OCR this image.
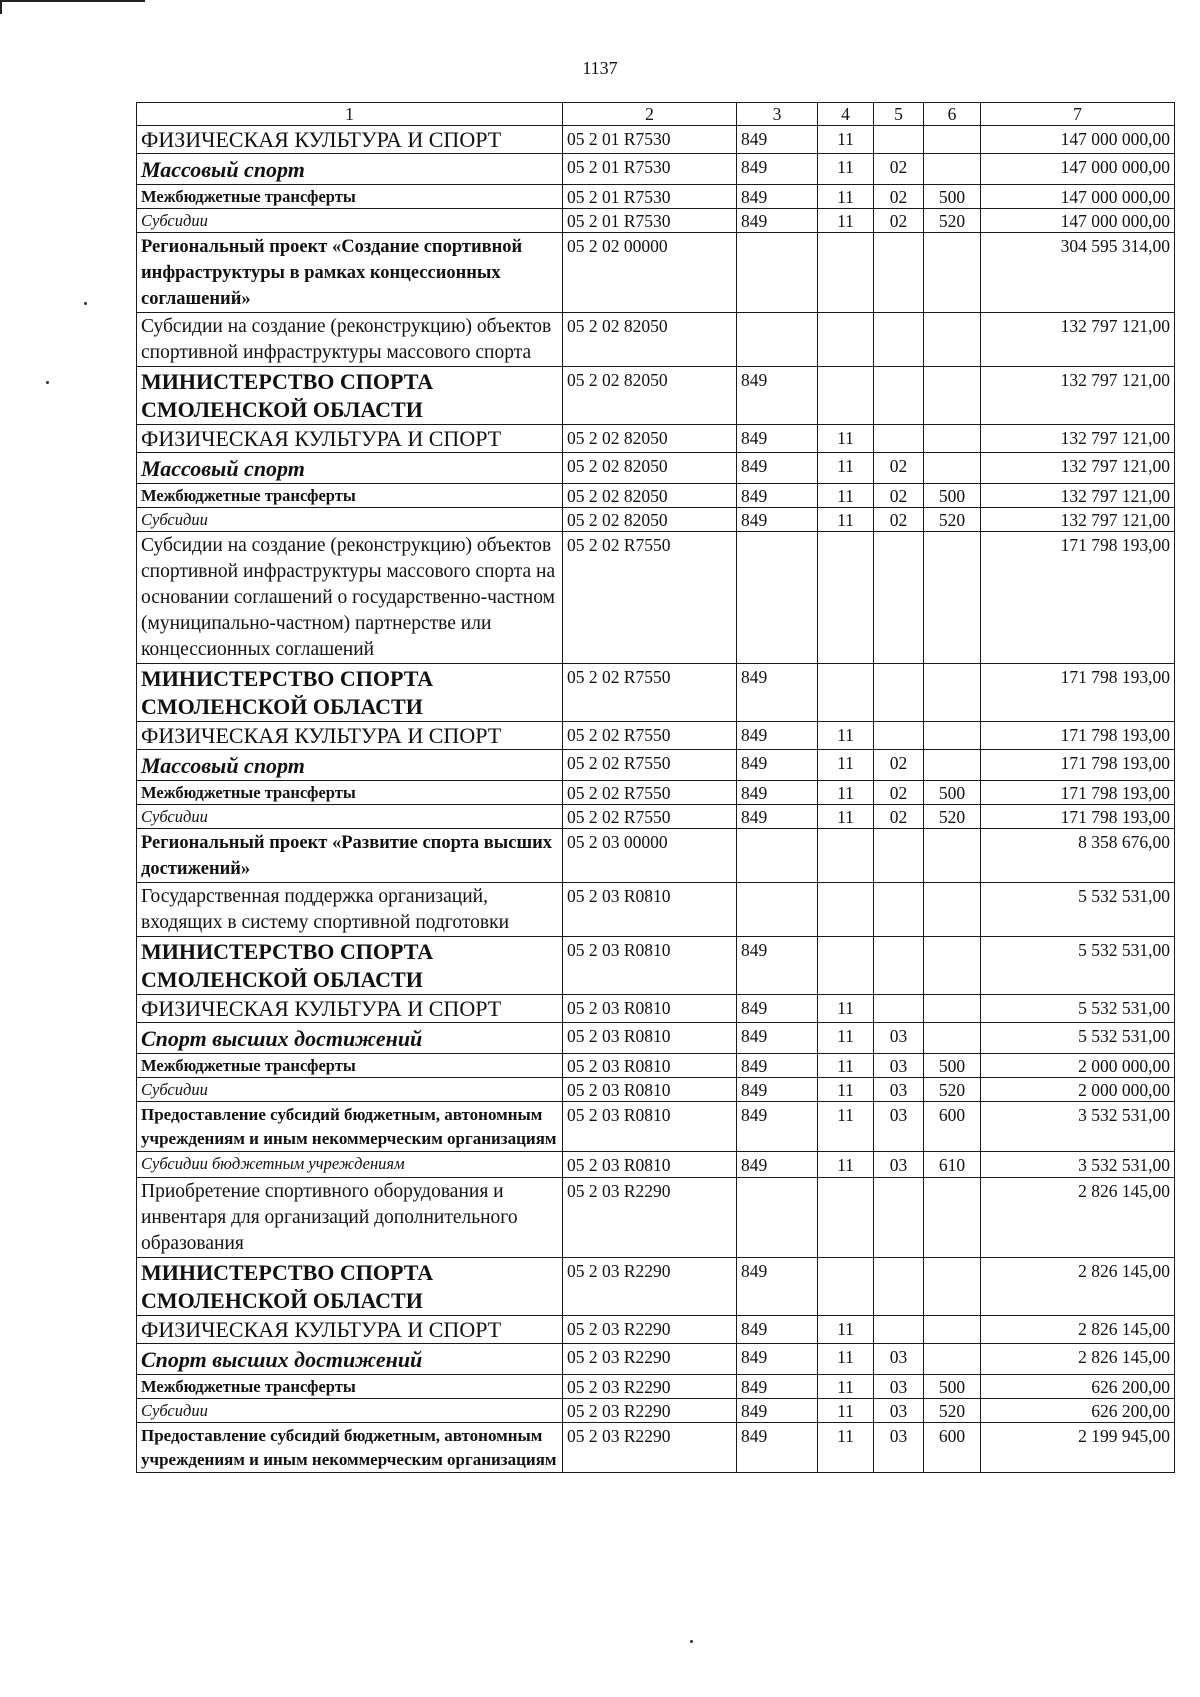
1137
1	2	3	4	5	6	7
ФИЗИЧЕСКАЯ КУЛЬТУРА И СПОРТ	05 2 01 R7530	849	11			147 000 000,00
Массовый спорт	05 2 01 R7530	849	11	02		147 000 000,00
Межбюджетные трансферты	05 2 01 R7530	849	11	02	500	147 000 000,00
Субсидии	05 2 01 R7530	849	11	02	520	147 000 000,00
Региональный проект «Создание спортивной инфраструктуры в рамках концессионных соглашений»	05 2 02 00000					304 595 314,00
Субсидии на создание (реконструкцию) объектов спортивной инфраструктуры массового спорта	05 2 02 82050					132 797 121,00
МИНИСТЕРСТВО СПОРТА СМОЛЕНСКОЙ ОБЛАСТИ	05 2 02 82050	849				132 797 121,00
ФИЗИЧЕСКАЯ КУЛЬТУРА И СПОРТ	05 2 02 82050	849	11			132 797 121,00
Массовый спорт	05 2 02 82050	849	11	02		132 797 121,00
Межбюджетные трансферты	05 2 02 82050	849	11	02	500	132 797 121,00
Субсидии	05 2 02 82050	849	11	02	520	132 797 121,00
Субсидии на создание (реконструкцию) объектов спортивной инфраструктуры массового спорта на основании соглашений о государственно-частном (муниципально-частном) партнерстве или концессионных соглашений	05 2 02 R7550					171 798 193,00
МИНИСТЕРСТВО СПОРТА СМОЛЕНСКОЙ ОБЛАСТИ	05 2 02 R7550	849				171 798 193,00
ФИЗИЧЕСКАЯ КУЛЬТУРА И СПОРТ	05 2 02 R7550	849	11			171 798 193,00
Массовый спорт	05 2 02 R7550	849	11	02		171 798 193,00
Межбюджетные трансферты	05 2 02 R7550	849	11	02	500	171 798 193,00
Субсидии	05 2 02 R7550	849	11	02	520	171 798 193,00
Региональный проект «Развитие спорта высших достижений»	05 2 03 00000					8 358 676,00
Государственная поддержка организаций, входящих в систему спортивной подготовки	05 2 03 R0810					5 532 531,00
МИНИСТЕРСТВО СПОРТА СМОЛЕНСКОЙ ОБЛАСТИ	05 2 03 R0810	849				5 532 531,00
ФИЗИЧЕСКАЯ КУЛЬТУРА И СПОРТ	05 2 03 R0810	849	11			5 532 531,00
Спорт высших достижений	05 2 03 R0810	849	11	03		5 532 531,00
Межбюджетные трансферты	05 2 03 R0810	849	11	03	500	2 000 000,00
Субсидии	05 2 03 R0810	849	11	03	520	2 000 000,00
Предоставление субсидий бюджетным, автономным учреждениям и иным некоммерческим организациям	05 2 03 R0810	849	11	03	600	3 532 531,00
Субсидии бюджетным учреждениям	05 2 03 R0810	849	11	03	610	3 532 531,00
Приобретение спортивного оборудования и инвентаря для организаций дополнительного образования	05 2 03 R2290					2 826 145,00
МИНИСТЕРСТВО СПОРТА СМОЛЕНСКОЙ ОБЛАСТИ	05 2 03 R2290	849				2 826 145,00
ФИЗИЧЕСКАЯ КУЛЬТУРА И СПОРТ	05 2 03 R2290	849	11			2 826 145,00
Спорт высших достижений	05 2 03 R2290	849	11	03		2 826 145,00
Межбюджетные трансферты	05 2 03 R2290	849	11	03	500	626 200,00
Субсидии	05 2 03 R2290	849	11	03	520	626 200,00
Предоставление субсидий бюджетным, автономным учреждениям и иным некоммерческим организациям	05 2 03 R2290	849	11	03	600	2 199 945,00
